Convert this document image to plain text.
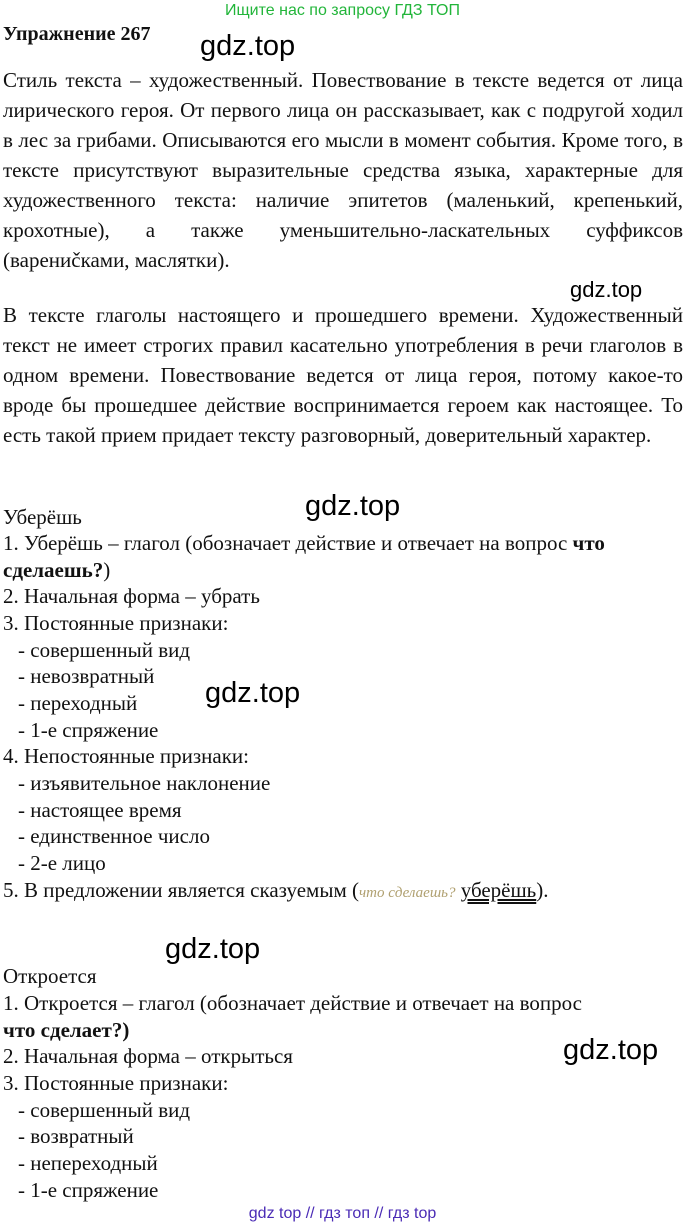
Ищите нас по запросу ГДЗ ТОП
Упражнение 267 gdz.top
Стиль текста – художественный. Повествование в тексте ведется от лица лирического героя. От первого лица он рассказывает, как с подругой ходил в лес за грибами. Описываются его мысли в момент события. Кроме того, в тексте присутствуют выразительные средства языка, характерные для художественного текста: наличие эпитетов (маленький, крепенький, крохотные), а также уменьшительно-ласкательных суффиксов (варениčками, маслятки).
gdz.top
В тексте глаголы настоящего и прошедшего времени. Художественный текст не имеет строгих правил касательно употребления в речи глаголов в одном времени. Повествование ведется от лица героя, потому какое-то вроде бы прошедшее действие воспринимается героем как настоящее. То есть такой прием придает тексту разговорный, доверительный характер.
gdz.top
Уберёшь
1. Уберёшь – глагол (обозначает действие и отвечает на вопрос что
сделаешь?)
2. Начальная форма – убрать
3. Постоянные признаки:
- совершенный вид
- невозвратный
- переходный gdz.top
- 1-е спряжение
4. Непостоянные признаки:
- изъявительное наклонение
- настоящее время
- единственное число
- 2-е лицо
5. В предложении является сказуемым (что сделаешь? уберёшь).
gdz.top
Откроется
1. Откроется – глагол (обозначает действие и отвечает на вопрос
что сделает?)
gdz.top
2. Начальная форма – открыться
3. Постоянные признаки:
- совершенный вид
- возвратный
- непереходный
- 1-е спряжение
gdz top // гдз топ // гдз top
